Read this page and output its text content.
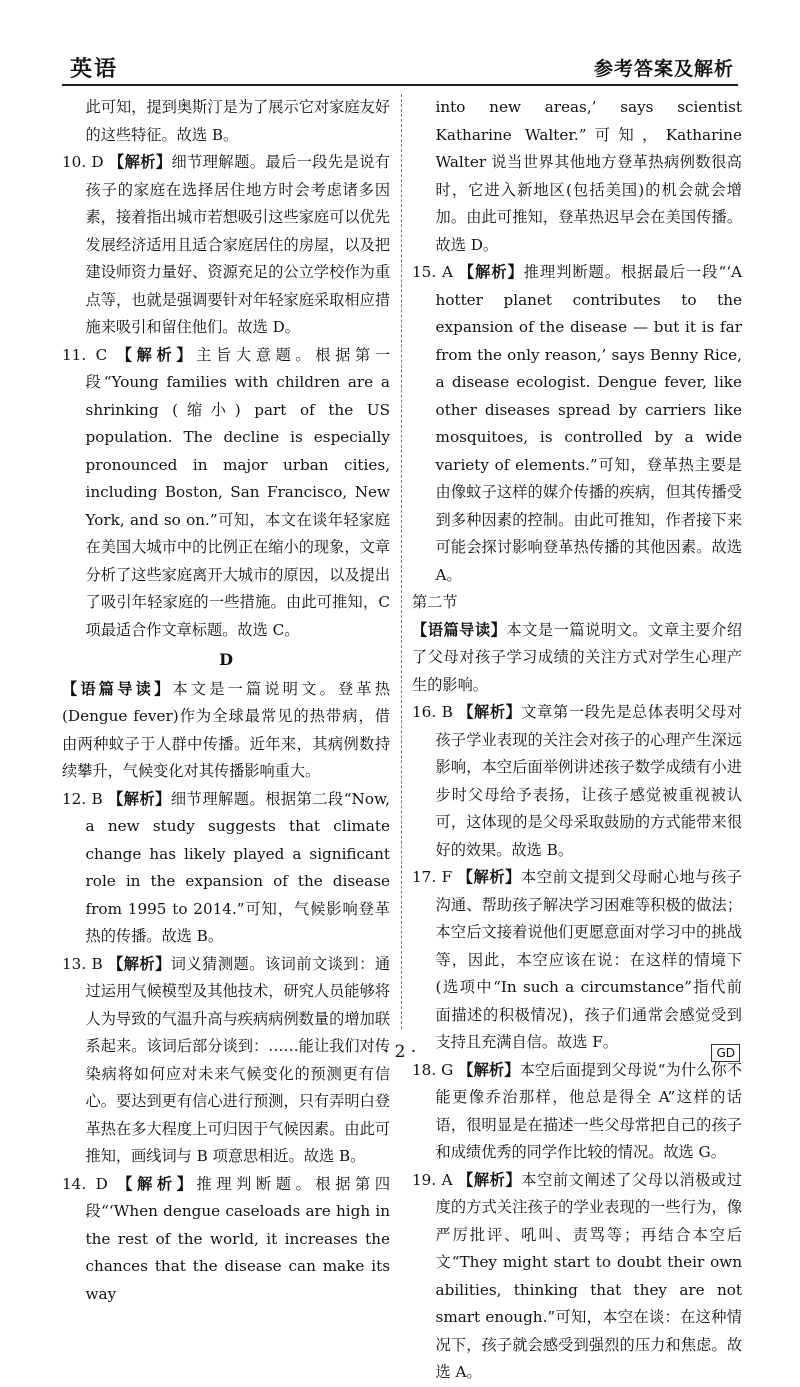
英语	参考答案及解析

此可知，提到奥斯汀是为了展示它对家庭友好的这些特征。故选 B。

10. D 【解析】细节理解题。最后一段先是说有孩子的家庭在选择居住地方时会考虑诸多因素，接着指出城市若想吸引这些家庭可以优先发展经济适用且适合家庭居住的房屋，以及把建设师资力量好、资源充足的公立学校作为重点等，也就是强调要针对年轻家庭采取相应措施来吸引和留住他们。故选 D。

11. C 【解析】主旨大意题。根据第一段“Young families with children are a shrinking (缩小) part of the US population. The decline is especially pronounced in major urban cities, including Boston, San Francisco, New York, and so on.”可知，本文在谈年轻家庭在美国大城市中的比例正在缩小的现象，文章分析了这些家庭离开大城市的原因，以及提出了吸引年轻家庭的一些措施。由此可推知，C 项最适合作文章标题。故选 C。

D

【语篇导读】本文是一篇说明文。登革热(Dengue fever)作为全球最常见的热带病，借由两种蚊子于人群中传播。近年来，其病例数持续攀升，气候变化对其传播影响重大。

12. B 【解析】细节理解题。根据第二段“Now, a new study suggests that climate change has likely played a significant role in the expansion of the disease from 1995 to 2014.”可知，气候影响登革热的传播。故选 B。

13. B 【解析】词义猜测题。该词前文谈到：通过运用气候模型及其他技术，研究人员能够将人为导致的气温升高与疾病病例数量的增加联系起来。该词后部分谈到：……能让我们对传染病将如何应对未来气候变化的预测更有信心。要达到更有信心进行预测，只有弄明白登革热在多大程度上可归因于气候因素。由此可推知，画线词与 B 项意思相近。故选 B。

14. D 【解析】推理判断题。根据第四段“‘When dengue caseloads are high in the rest of the world, it increases the chances that the disease can make its way

into new areas,’ says scientist Katharine Walter.”可知，Katharine Walter 说当世界其他地方登革热病例数很高时，它进入新地区(包括美国)的机会就会增加。由此可推知，登革热迟早会在美国传播。故选 D。

15. A 【解析】推理判断题。根据最后一段“‘A hotter planet contributes to the expansion of the disease — but it is far from the only reason,’ says Benny Rice, a disease ecologist. Dengue fever, like other diseases spread by carriers like mosquitoes, is controlled by a wide variety of elements.”可知，登革热主要是由像蚊子这样的媒介传播的疾病，但其传播受到多种因素的控制。由此可推知，作者接下来可能会探讨影响登革热传播的其他因素。故选 A。

第二节

【语篇导读】本文是一篇说明文。文章主要介绍了父母对孩子学习成绩的关注方式对学生心理产生的影响。

16. B 【解析】文章第一段先是总体表明父母对孩子学业表现的关注会对孩子的心理产生深远影响，本空后面举例讲述孩子数学成绩有小进步时父母给予表扬，让孩子感觉被重视被认可，这体现的是父母采取鼓励的方式能带来很好的效果。故选 B。

17. F 【解析】本空前文提到父母耐心地与孩子沟通、帮助孩子解决学习困难等积极的做法；本空后文接着说他们更愿意面对学习中的挑战等，因此，本空应该在说：在这样的情境下(选项中“In such a circumstance”指代前面描述的积极情况)，孩子们通常会感觉受到支持且充满自信。故选 F。

18. G 【解析】本空后面提到父母说“为什么你不能更像乔治那样，他总是得全 A”这样的话语，很明显是在描述一些父母常把自己的孩子和成绩优秀的同学作比较的情况。故选 G。

19. A 【解析】本空前文阐述了父母以消极或过度的方式关注孩子的学业表现的一些行为，像严厉批评、吼叫、责骂等；再结合本空后文“They might start to doubt their own abilities, thinking that they are not smart enough.”可知，本空在谈：在这种情况下，孩子就会感受到强烈的压力和焦虑。故选 A。

· 2 ·	GD
